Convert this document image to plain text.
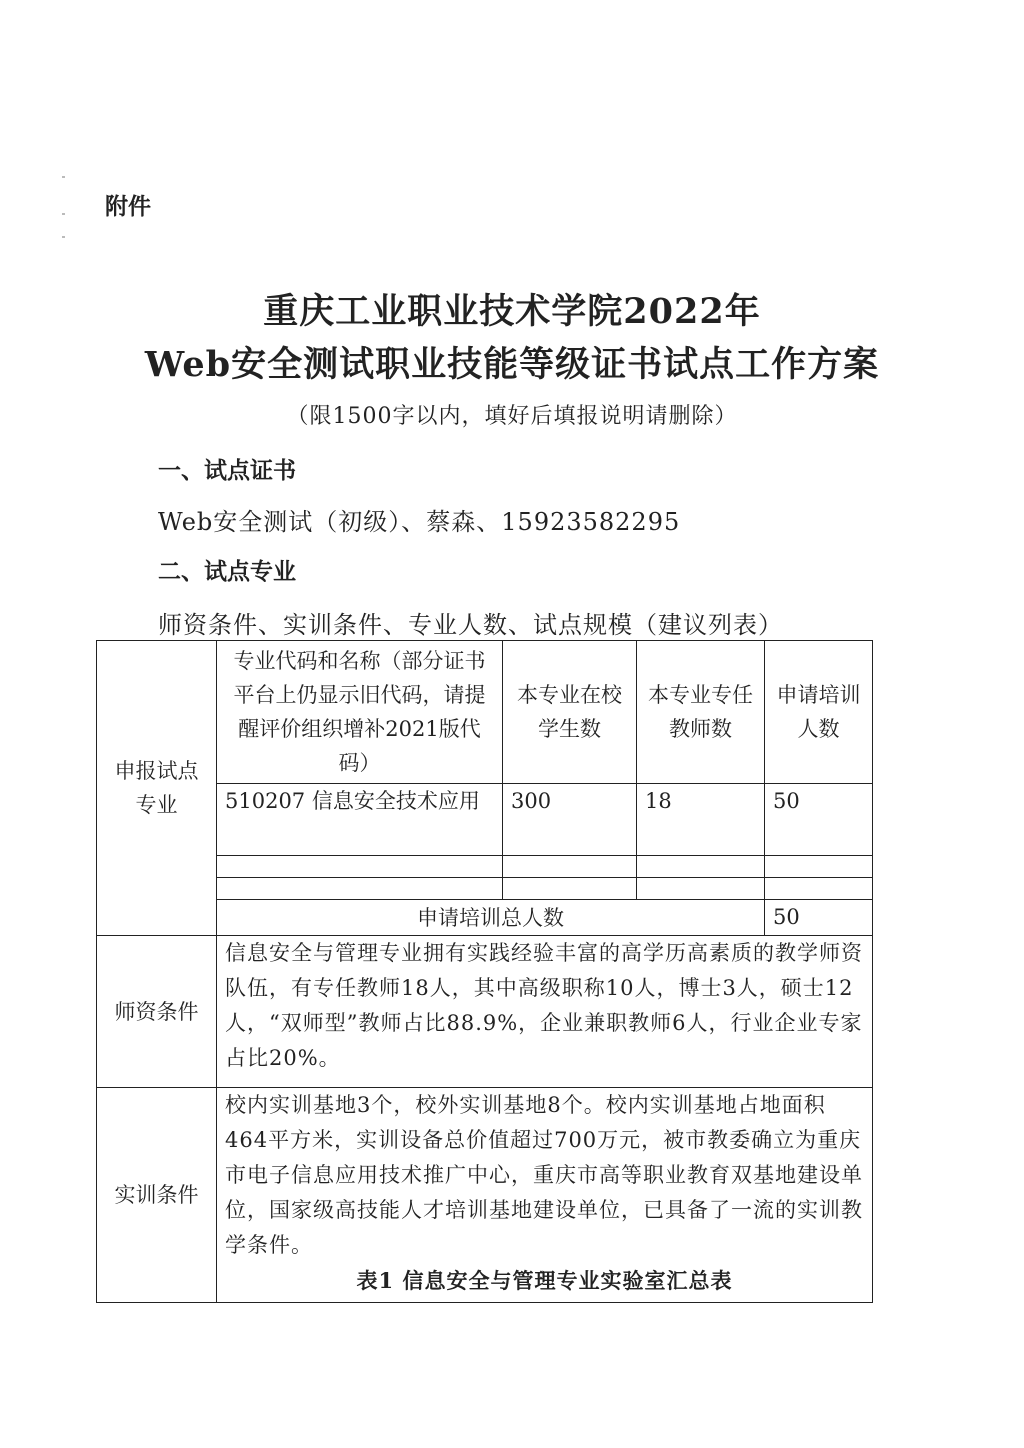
附件
重庆工业职业技术学院2022年
Web安全测试职业技能等级证书试点工作方案
（限1500字以内，填好后填报说明请删除）
一、试点证书
Web安全测试（初级）、蔡森、15923582295
二、试点专业
师资条件、实训条件、专业人数、试点规模（建议列表）
申报试点专业	专业代码和名称（部分证书平台上仍显示旧代码，请提醒评价组织增补2021版代码）	本专业在校学生数	本专业专任教师数	申请培训人数
	510207 信息安全技术应用	300	18	50

	申请培训总人数			50
师资条件	信息安全与管理专业拥有实践经验丰富的高学历高素质的教学师资队伍，有专任教师18人，其中高级职称10人，博士3人，硕士12人，“双师型”教师占比88.9%，企业兼职教师6人，行业企业专家占比20%。			
实训条件	校内实训基地3个，校外实训基地8个。校内实训基地占地面积464平方米，实训设备总价值超过700万元，被市教委确立为重庆市电子信息应用技术推广中心，重庆市高等职业教育双基地建设单位，国家级高技能人才培训基地建设单位，已具备了一流的实训教学条件。
表1 信息安全与管理专业实验室汇总表			
